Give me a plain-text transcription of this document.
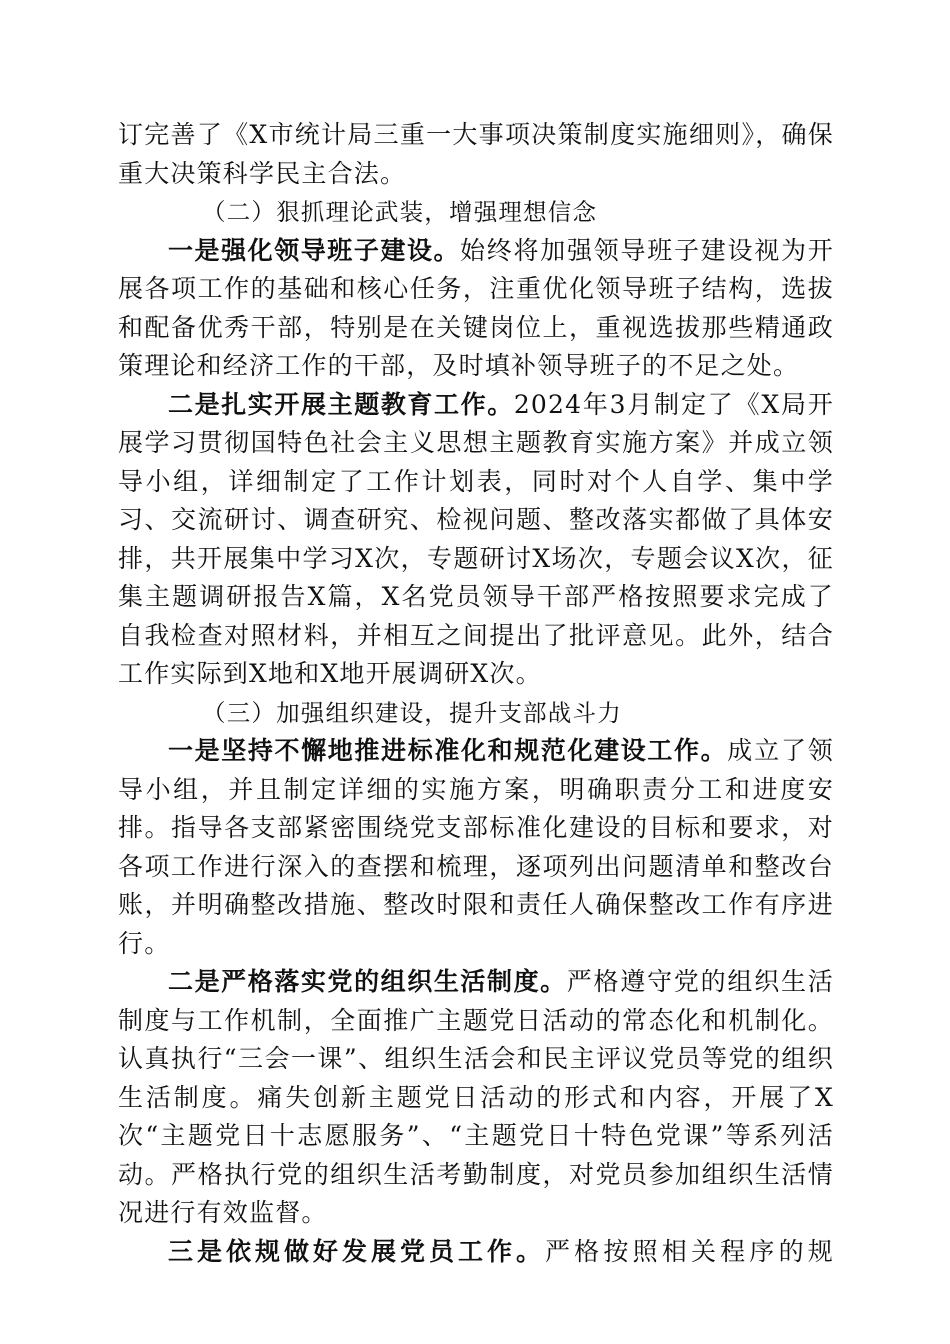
订完善了《X市统计局三重一大事项决策制度实施细则》，确保重大决策科学民主合法。

（二）狠抓理论武装，增强理想信念

一是强化领导班子建设。始终将加强领导班子建设视为开展各项工作的基础和核心任务，注重优化领导班子结构，选拔和配备优秀干部，特别是在关键岗位上，重视选拔那些精通政策理论和经济工作的干部，及时填补领导班子的不足之处。

二是扎实开展主题教育工作。2024年3月制定了《X局开展学习贯彻国特色社会主义思想主题教育实施方案》并成立领导小组，详细制定了工作计划表，同时对个人自学、集中学习、交流研讨、调查研究、检视问题、整改落实都做了具体安排，共开展集中学习X次，专题研讨X场次，专题会议X次，征集主题调研报告X篇，X名党员领导干部严格按照要求完成了自我检查对照材料，并相互之间提出了批评意见。此外，结合工作实际到X地和X地开展调研X次。

（三）加强组织建设，提升支部战斗力

一是坚持不懈地推进标准化和规范化建设工作。成立了领导小组，并且制定详细的实施方案，明确职责分工和进度安排。指导各支部紧密围绕党支部标准化建设的目标和要求，对各项工作进行深入的查摆和梳理，逐项列出问题清单和整改台账，并明确整改措施、整改时限和责任人确保整改工作有序进行。

二是严格落实党的组织生活制度。严格遵守党的组织生活制度与工作机制，全面推广主题党日活动的常态化和机制化。认真执行“三会一课”、组织生活会和民主评议党员等党的组织生活制度。痛失创新主题党日活动的形式和内容，开展了X次“主题党日十志愿服务”、“主题党日十特色党课”等系列活动。严格执行党的组织生活考勤制度，对党员参加组织生活情况进行有效监督。

三是依规做好发展党员工作。严格按照相关程序的规
